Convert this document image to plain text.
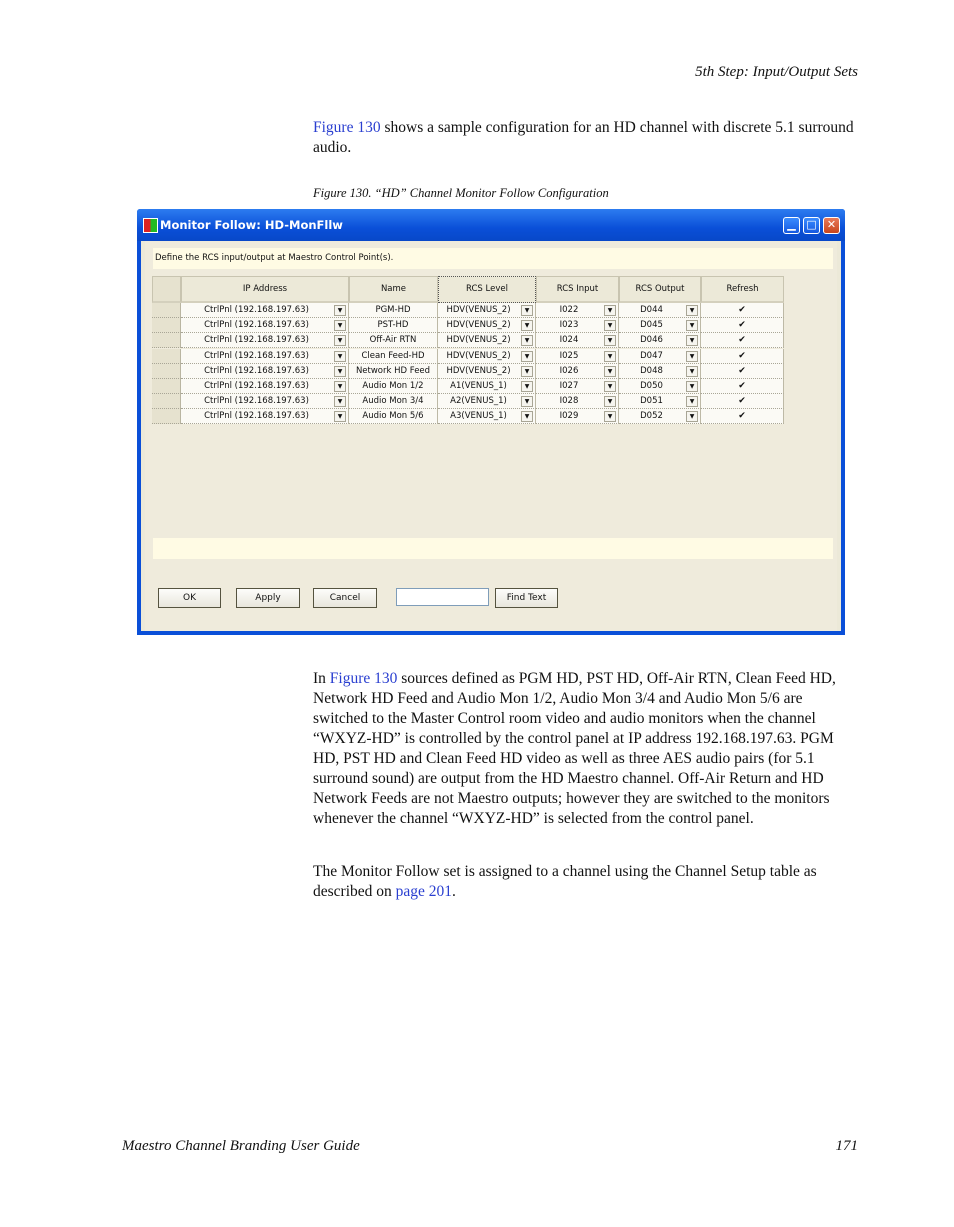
5th Step: Input/Output Sets
Figure 130 shows a sample configuration for an HD channel with discrete 5.1 surround audio.
Figure 130. “HD” Channel Monitor Follow Configuration
Monitor Follow: HD-MonFllw	▁ □ ✕
Define the RCS input/output at Maestro Control Point(s).
IP Address	Name	RCS Level	RCS Input	RCS Output	Refresh
CtrlPnl (192.168.197.63)	▼	PGM-HD	HDV(VENUS_2)	▼	I022	▼	D044	▼	✔
CtrlPnl (192.168.197.63)	▼	PST-HD	HDV(VENUS_2)	▼	I023	▼	D045	▼	✔
CtrlPnl (192.168.197.63)	▼	Off-Air RTN	HDV(VENUS_2)	▼	I024	▼	D046	▼	✔
CtrlPnl (192.168.197.63)	▼	Clean Feed-HD	HDV(VENUS_2)	▼	I025	▼	D047	▼	✔
CtrlPnl (192.168.197.63)	▼	Network HD Feed	HDV(VENUS_2)	▼	I026	▼	D048	▼	✔
CtrlPnl (192.168.197.63)	▼	Audio Mon 1/2	A1(VENUS_1)	▼	I027	▼	D050	▼	✔
CtrlPnl (192.168.197.63)	▼	Audio Mon 3/4	A2(VENUS_1)	▼	I028	▼	D051	▼	✔
CtrlPnl (192.168.197.63)	▼	Audio Mon 5/6	A3(VENUS_1)	▼	I029	▼	D052	▼	✔
OK	Apply	Cancel	Find Text
In Figure 130 sources defined as PGM HD, PST HD, Off-Air RTN, Clean Feed HD, Network HD Feed and Audio Mon 1/2, Audio Mon 3/4 and Audio Mon 5/6 are switched to the Master Control room video and audio monitors when the channel “WXYZ-HD” is controlled by the control panel at IP address 192.168.197.63. PGM HD, PST HD and Clean Feed HD video as well as three AES audio pairs (for 5.1 surround sound) are output from the HD Maestro channel. Off-Air Return and HD Network Feeds are not Maestro outputs; however they are switched to the monitors whenever the channel “WXYZ-HD” is selected from the control panel.
The Monitor Follow set is assigned to a channel using the Channel Setup table as described on page 201.
Maestro Channel Branding User Guide	171
